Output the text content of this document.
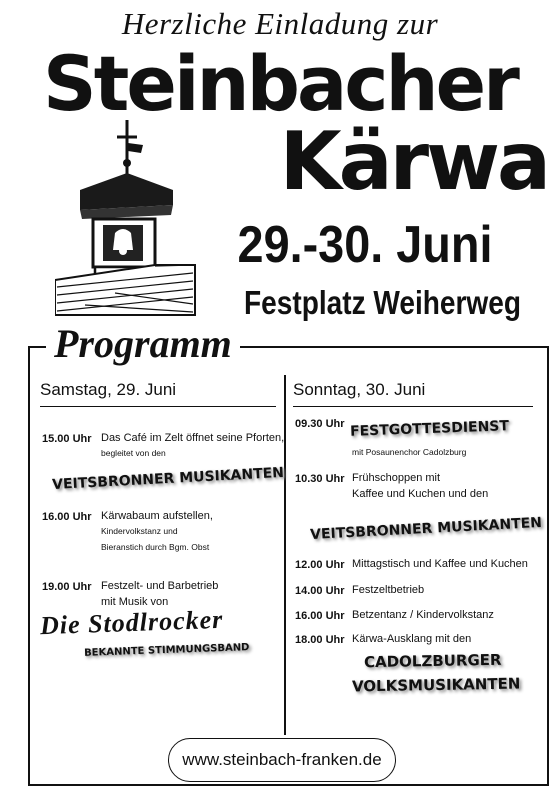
Herzliche Einladung zur
Steinbacher
Kärwa
29.-30. Juni
Festplatz Weiherweg
Programm
Samstag, 29. Juni
15.00 Uhr Das Café im Zelt öffnet seine Pforten,
begleitet von den
VEITSBRONNER MUSIKANTEN
16.00 Uhr Kärwabaum aufstellen,
Kindervolkstanz und
Bieranstich durch Bgm. Obst
19.00 Uhr Festzelt- und Barbetrieb
mit Musik von
Die Stodlrocker
BEKANNTE STIMMUNGSBAND
Sonntag, 30. Juni
09.30 Uhr FESTGOTTESDIENST
mit Posaunenchor Cadolzburg
10.30 Uhr Frühschoppen mit
Kaffee und Kuchen und den
VEITSBRONNER MUSIKANTEN
12.00 Uhr Mittagstisch und Kaffee und Kuchen
14.00 Uhr Festzeltbetrieb
16.00 Uhr Betzentanz / Kindervolkstanz
18.00 Uhr Kärwa-Ausklang mit den
CADOLZBURGER
VOLKSMUSIKANTEN
www.steinbach-franken.de
